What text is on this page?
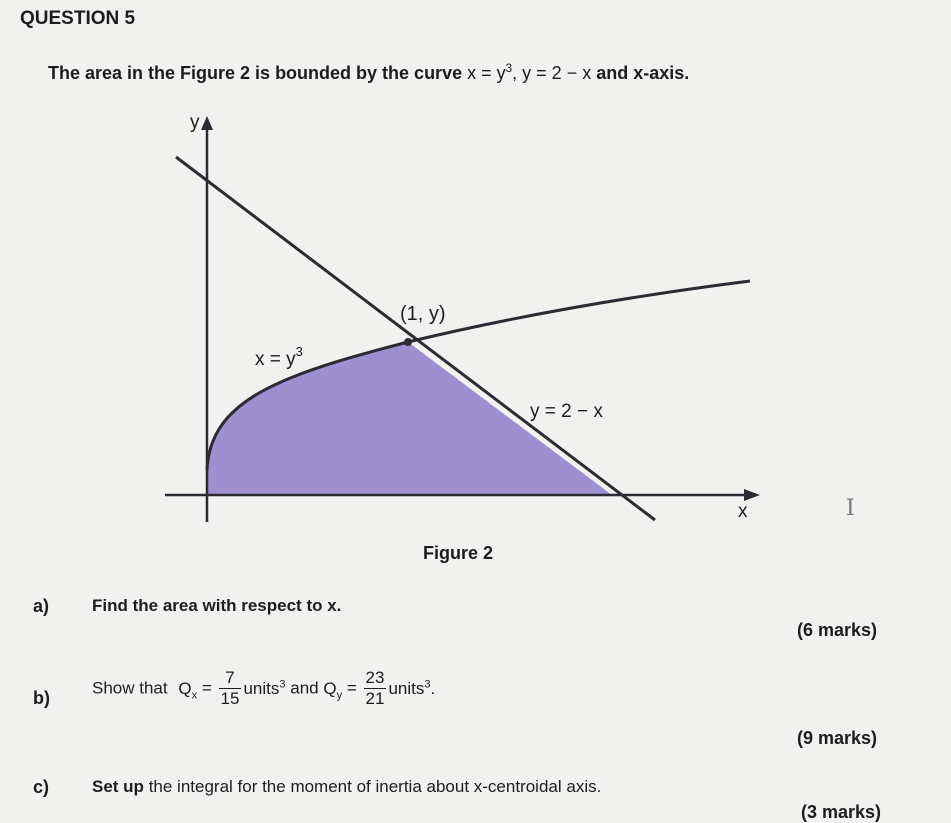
QUESTION 5
The area in the Figure 2 is bounded by the curve $x = y^3$, y = 2 − x and x-axis.
y
x
(1, y)
$x = y^3$
y = 2 − x
Figure 2
I
a)	Find the area with respect to x.
(6 marks)
b) Show that $Q_x = \frac{7}{15}$ units$^3$ and $Q_y = \frac{23}{21}$ units$^3$.
(9 marks)
c)	Set up the integral for the moment of inertia about x-centroidal axis.
(3 marks)
